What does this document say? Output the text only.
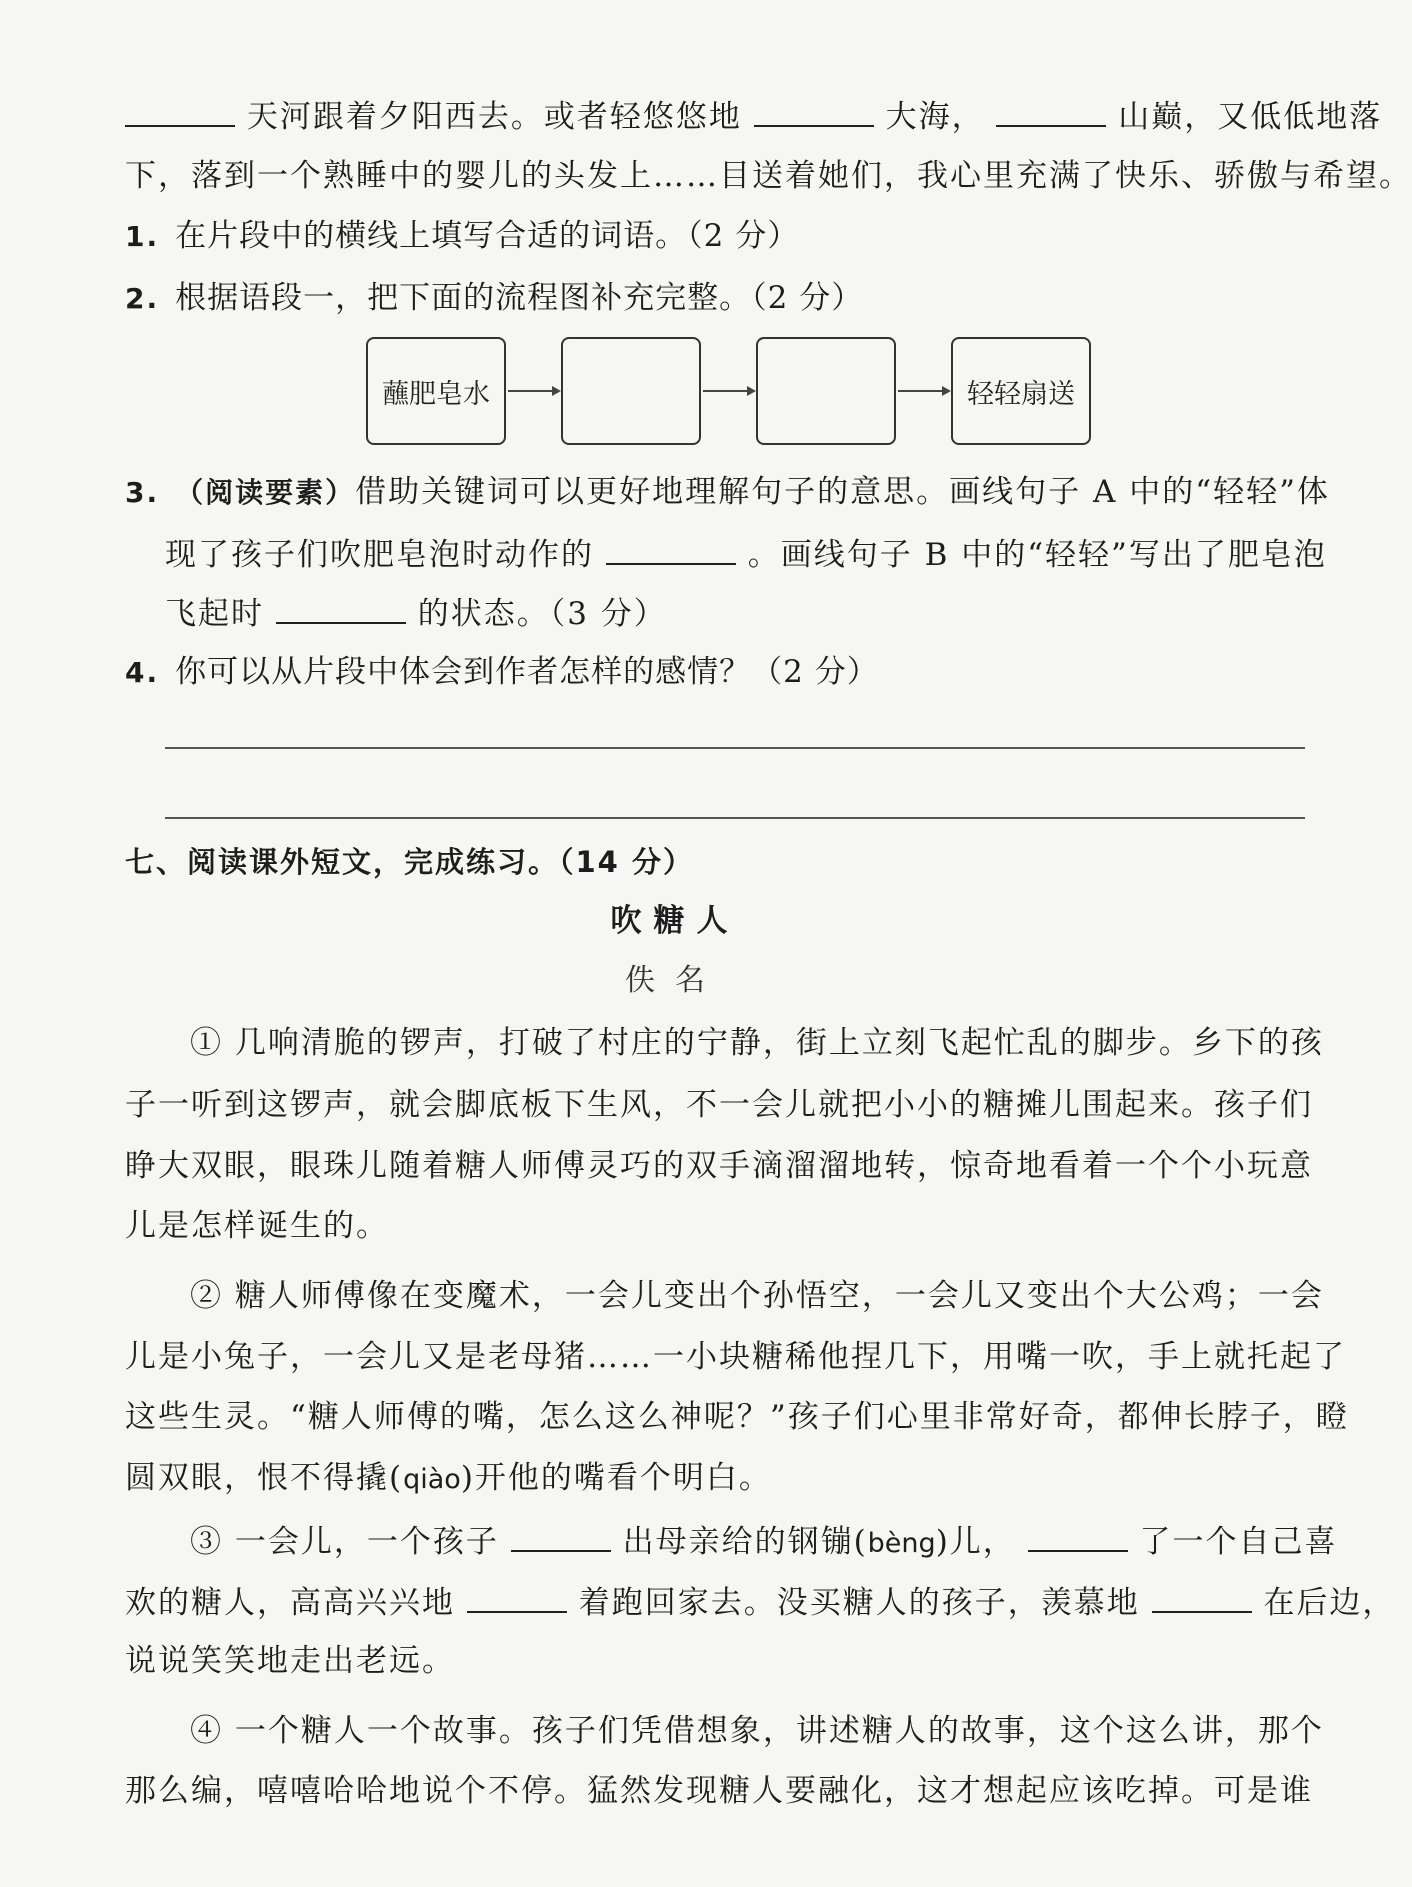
天河跟着夕阳西去。或者轻悠悠地	大海，	山巅，又低低地落
下，落到一个熟睡中的婴儿的头发上……目送着她们，我心里充满了快乐、骄傲与希望。
1. 在片段中的横线上填写合适的词语。（2 分）
2. 根据语段一，把下面的流程图补充完整。（2 分）
蘸肥皂水	轻轻扇送
3. （阅读要素）借助关键词可以更好地理解句子的意思。画线句子 A 中的“轻轻”体
现了孩子们吹肥皂泡时动作的	。画线句子 B 中的“轻轻”写出了肥皂泡
飞起时	的状态。（3 分）
4. 你可以从片段中体会到作者怎样的感情？（2 分）
七、阅读课外短文，完成练习。（14 分）
吹糖人
佚名
① 几响清脆的锣声，打破了村庄的宁静，街上立刻飞起忙乱的脚步。乡下的孩
子一听到这锣声，就会脚底板下生风，不一会儿就把小小的糖摊儿围起来。孩子们
睁大双眼，眼珠儿随着糖人师傅灵巧的双手滴溜溜地转，惊奇地看着一个个小玩意
儿是怎样诞生的。
② 糖人师傅像在变魔术，一会儿变出个孙悟空，一会儿又变出个大公鸡；一会
儿是小兔子，一会儿又是老母猪……一小块糖稀他捏几下，用嘴一吹，手上就托起了
这些生灵。“糖人师傅的嘴，怎么这么神呢？”孩子们心里非常好奇，都伸长脖子，瞪
圆双眼，恨不得撬(qiào)开他的嘴看个明白。
③ 一会儿，一个孩子	出母亲给的钢镚(bèng)儿，	了一个自己喜
欢的糖人，高高兴兴地	着跑回家去。没买糖人的孩子，羡慕地	在后边，
说说笑笑地走出老远。
④ 一个糖人一个故事。孩子们凭借想象，讲述糖人的故事，这个这么讲，那个
那么编，嘻嘻哈哈地说个不停。猛然发现糖人要融化，这才想起应该吃掉。可是谁
